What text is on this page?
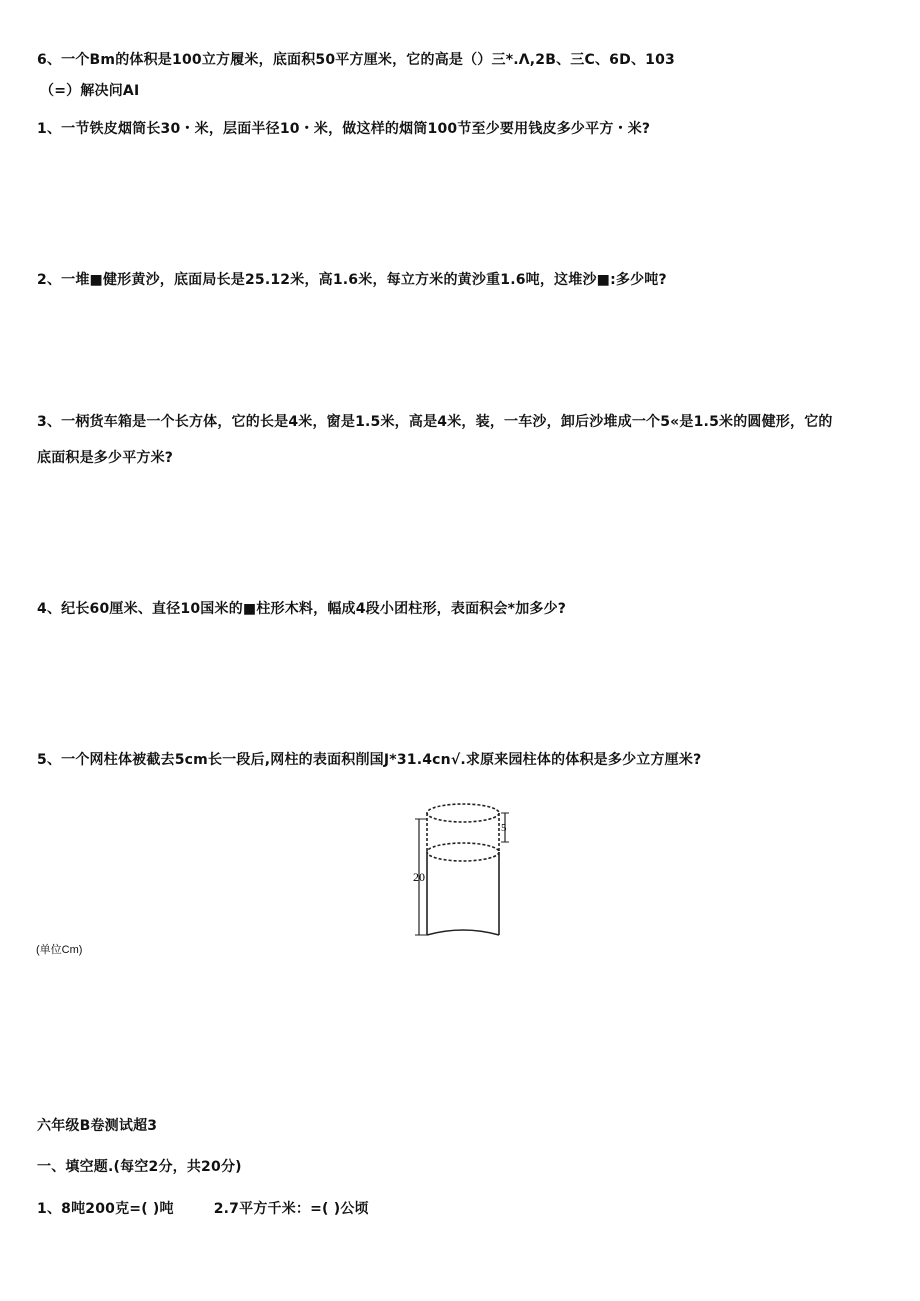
6、一个Bm的体积是100立方履米，底面积50平方厘米，它的高是（）三*.Λ,2B、三C、6D、103
（=）解决问AI
1、一节铁皮烟筒长30・米，层面半径10・米，做这样的烟筒100节至少要用钱皮多少平方・米?
2、一堆■健形黄沙，底面局长是25.12米，高1.6米，每立方米的黄沙重1.6吨，这堆沙■:多少吨?
3、一柄货车箱是一个长方体，它的长是4米，窗是1.5米，高是4米，装，一车沙，卸后沙堆成一个5«是1.5米的圆健形，它的
底面积是多少平方米?
4、纪长60厘米、直径10国米的■柱形木料，幅成4段小团柱形，表面积会*加多少?
5、一个网柱体被截去5cm长一段后,网柱的表面积削国J*31.4cn√.求原来园柱体的体积是多少立方厘米?
20
5
(单位Cm)
六年级B卷测试超3
一、填空题.(每空2分，共20分)
1、8吨200克=( )吨	2.7平方千米：=( )公顷
